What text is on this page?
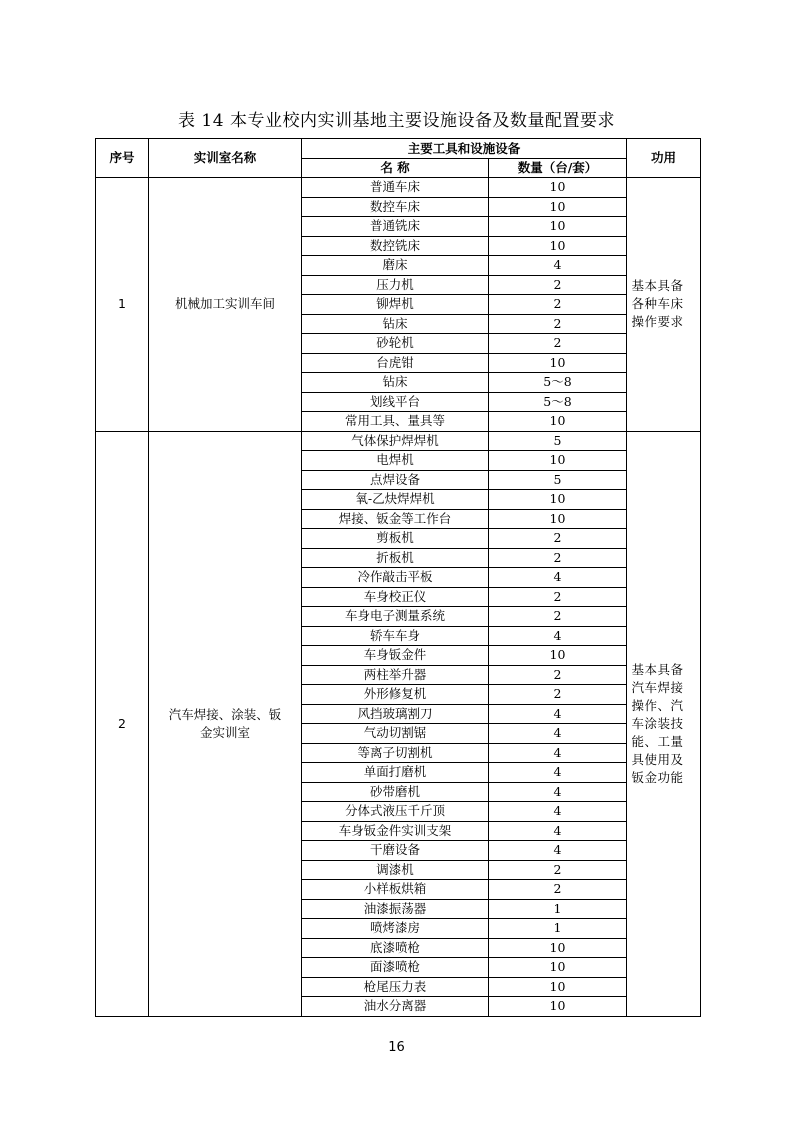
表 14 本专业校内实训基地主要设施设备及数量配置要求
序号	实训室名称	主要工具和设施设备		功用
		名 称	数量（台/套）	
1	机械加工实训车间	普通车床	10	基本具备各种车床操作要求
		数控车床	10	
		普通铣床	10	
		数控铣床	10	
		磨床	4	
		压力机	2	
		铆焊机	2	
		钻床	2	
		砂轮机	2	
		台虎钳	10	
		钻床	5～8	
		划线平台	5～8	
		常用工具、量具等	10	
2	汽车焊接、涂装、钣金实训室	气体保护焊焊机	5	基本具备汽车焊接操作、汽车涂装技能、工量具使用及钣金功能
		电焊机	10	
		点焊设备	5	
		氧-乙炔焊焊机	10	
		焊接、钣金等工作台	10	
		剪板机	2	
		折板机	2	
		冷作敲击平板	4	
		车身校正仪	2	
		车身电子测量系统	2	
		轿车车身	4	
		车身钣金件	10	
		两柱举升器	2	
		外形修复机	2	
		风挡玻璃割刀	4	
		气动切割锯	4	
		等离子切割机	4	
		单面打磨机	4	
		砂带磨机	4	
		分体式液压千斤顶	4	
		车身钣金件实训支架	4	
		干磨设备	4	
		调漆机	2	
		小样板烘箱	2	
		油漆振荡器	1	
		喷烤漆房	1	
		底漆喷枪	10	
		面漆喷枪	10	
		枪尾压力表	10	
		油水分离器	10	
16
